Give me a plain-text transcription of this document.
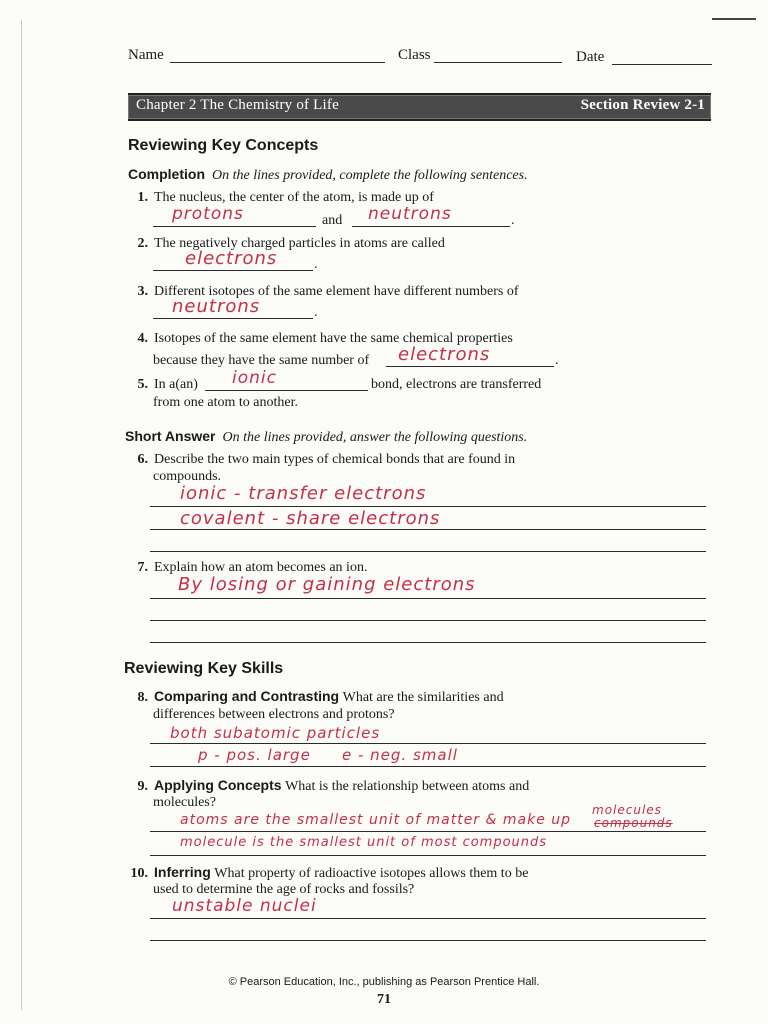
Name	Class	Date
Chapter 2 The Chemistry of Life	Section Review 2-1
Reviewing Key Concepts
Completion On the lines provided, complete the following sentences.
1. The nucleus, the center of the atom, is made up of
protons	and neutrons	.
2. The negatively charged particles in atoms are called
electrons	.
3. Different isotopes of the same element have different numbers of
neutrons	.
4. Isotopes of the same element have the same chemical properties
because they have the same number of electrons	.
5. In a(an) ionic	bond, electrons are transferred
from one atom to another.
Short Answer On the lines provided, answer the following questions.
6. Describe the two main types of chemical bonds that are found in
compounds.
ionic - transfer electrons
covalent - share electrons
7. Explain how an atom becomes an ion.
By losing or gaining electrons
Reviewing Key Skills
8. Comparing and Contrasting What are the similarities and
differences between electrons and protons?
both subatomic particles
p - pos. large e - neg. small
9. Applying Concepts What is the relationship between atoms and
molecules?	molecules
atoms are the smallest unit of matter & make up compounds
molecule is the smallest unit of most compounds
10. Inferring What property of radioactive isotopes allows them to be
used to determine the age of rocks and fossils?
unstable nuclei
© Pearson Education, Inc., publishing as Pearson Prentice Hall.
71
